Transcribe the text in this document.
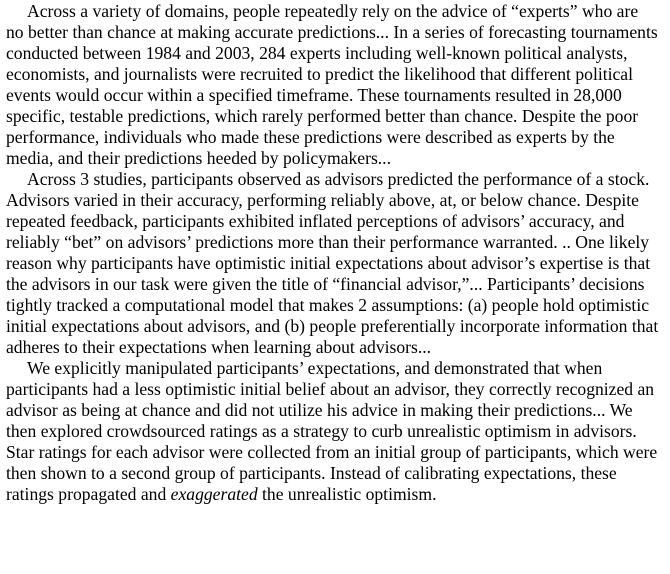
Across a variety of domains, people repeatedly rely on the advice of “experts” who are no better than chance at making accurate predictions... In a series of forecasting tournaments conducted between 1984 and 2003, 284 experts including well-known political analysts, economists, and journalists were recruited to predict the likelihood that different political events would occur within a specified timeframe. These tournaments resulted in 28,000 specific, testable predictions, which rarely performed better than chance. Despite the poor performance, individuals who made these predictions were described as experts by the media, and their predictions heeded by policymakers...

Across 3 studies, participants observed as advisors predicted the performance of a stock. Advisors varied in their accuracy, performing reliably above, at, or below chance. Despite repeated feedback, participants exhibited inflated perceptions of advisors’ accuracy, and reliably “bet” on advisors’ predictions more than their performance warranted. .. One likely reason why participants have optimistic initial expectations about advisor’s expertise is that the advisors in our task were given the title of “financial advisor,”... Participants’ decisions tightly tracked a computational model that makes 2 assumptions: (a) people hold optimistic initial expectations about advisors, and (b) people preferentially incorporate information that adheres to their expectations when learning about advisors...

We explicitly manipulated participants’ expectations, and demonstrated that when participants had a less optimistic initial belief about an advisor, they correctly recognized an advisor as being at chance and did not utilize his advice in making their predictions... We then explored crowdsourced ratings as a strategy to curb unrealistic optimism in advisors. Star ratings for each advisor were collected from an initial group of participants, which were then shown to a second group of participants. Instead of calibrating expectations, these ratings propagated and exaggerated the unrealistic optimism.
